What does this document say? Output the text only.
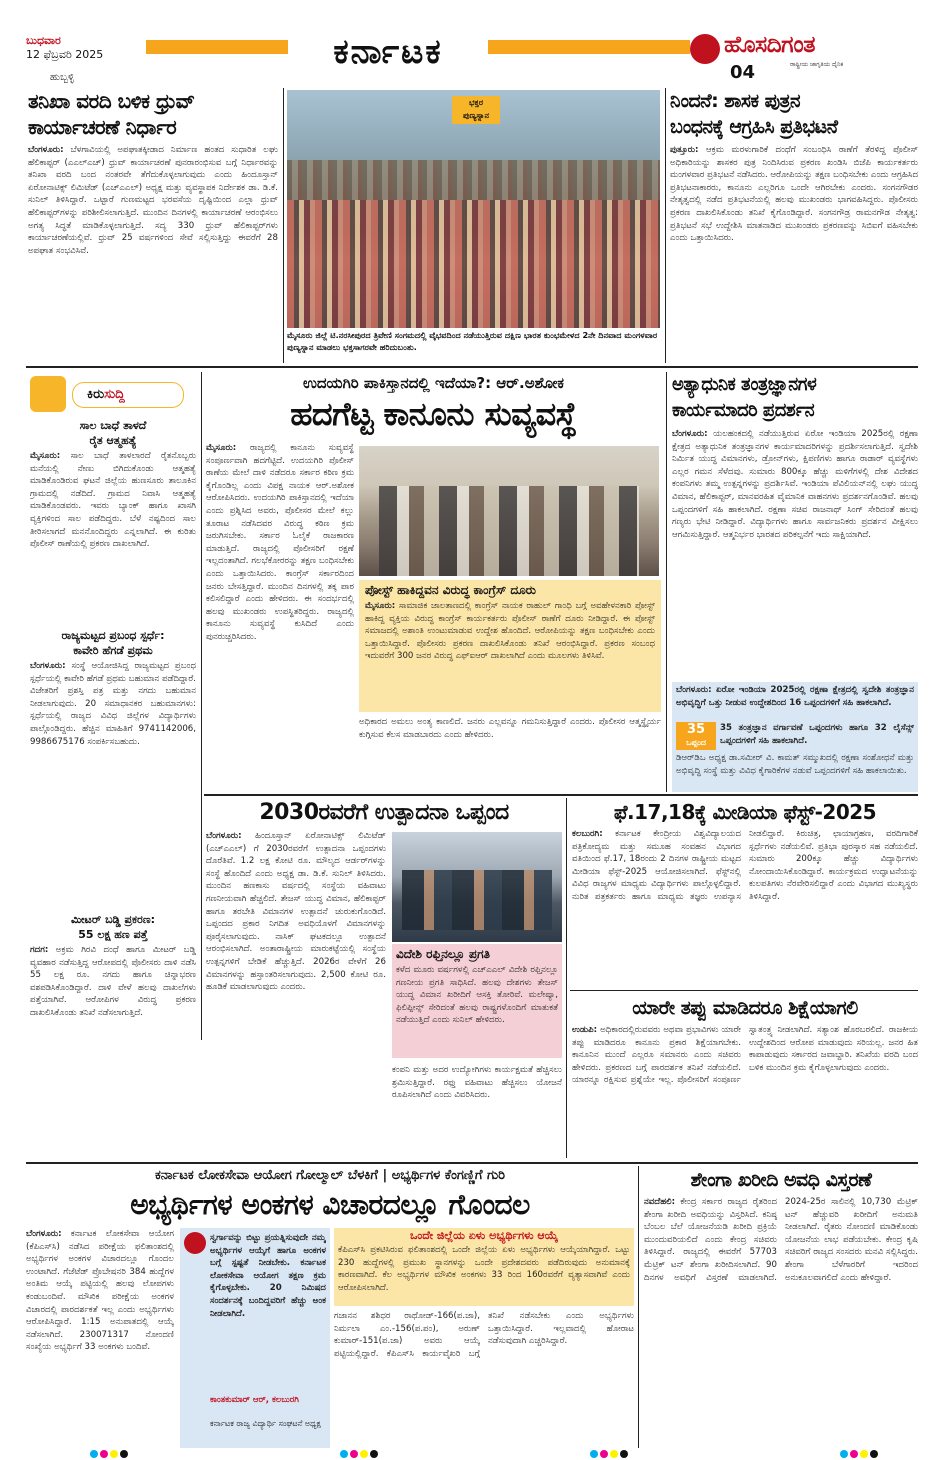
ಬುಧವಾರ
12 ಫೆಬ್ರವರಿ 2025
ಹುಬ್ಬಳ್ಳಿ
ಕರ್ನಾಟಕ	ಹೊಸದಿಗಂತ
ರಾಷ್ಟ್ರೀಯ ಜಾಗೃತಿಯ ದೈನಿಕ
04
ತನಿಖಾ ವರದಿ ಬಳಿಕ ಧ್ರುವ್
ಕಾರ್ಯಾಚರಣೆ ನಿರ್ಧಾರ
ಬೆಂಗಳೂರು: ಬೆಳಗಾವಿಯಲ್ಲಿ ಅಪಘಾತಕ್ಕೀಡಾದ ನಿರ್ಮಾಣ ಹಂತದ ಸುಧಾರಿತ ಲಘು ಹೆಲಿಕಾಪ್ಟರ್ (ಎಎಲ್‌ಎಚ್) ಧ್ರುವ್ ಕಾರ್ಯಾಚರಣೆ ಪುನರಾರಂಭಿಸುವ ಬಗ್ಗೆ ನಿರ್ಧಾರವನ್ನು ತನಿಖಾ ವರದಿ ಬಂದ ನಂತರವೇ ತೆಗೆದುಕೊಳ್ಳಲಾಗುವುದು ಎಂದು ಹಿಂದೂಸ್ತಾನ್ ಏರೋನಾಟಿಕ್ಸ್ ಲಿಮಿಟೆಡ್ (ಎಚ್‌ಎಎಲ್) ಅಧ್ಯಕ್ಷ ಮತ್ತು ವ್ಯವಸ್ಥಾಪಕ ನಿರ್ದೇಶಕ ಡಾ. ಡಿ.ಕೆ. ಸುನಿಲ್ ತಿಳಿಸಿದ್ದಾರೆ. ಒಟ್ಟಾರೆ ಗುಣಮಟ್ಟದ ಭರವಸೆಯ ದೃಷ್ಟಿಯಿಂದ ಎಲ್ಲಾ ಧ್ರುವ್ ಹೆಲಿಕಾಪ್ಟರ್‌ಗಳನ್ನು ಪರಿಶೀಲಿಸಲಾಗುತ್ತಿದೆ. ಮುಂದಿನ ದಿನಗಳಲ್ಲಿ ಕಾರ್ಯಾಚರಣೆ ಆರಂಭಿಸಲು ಅಗತ್ಯ ಸಿದ್ಧತೆ ಮಾಡಿಕೊಳ್ಳಲಾಗುತ್ತಿದೆ. ಸದ್ಯ 330 ಧ್ರುವ್ ಹೆಲಿಕಾಪ್ಟರ್‌ಗಳು ಕಾರ್ಯಾಚರಣೆಯಲ್ಲಿವೆ. ಧ್ರುವ್ 25 ವರ್ಷಗಳಿಂದ ಸೇವೆ ಸಲ್ಲಿಸುತ್ತಿದ್ದು ಈವರೆಗೆ 28 ಅಪಘಾತ ಸಂಭವಿಸಿವೆ.
ಭಕ್ತರ
ಪುಣ್ಯಸ್ನಾನ
ಮೈಸೂರು ಜಿಲ್ಲೆ ಟಿ.ನರಸೀಪುರದ ತ್ರಿವೇಣಿ ಸಂಗಮದಲ್ಲಿ ವೈಭವದಿಂದ ನಡೆಯುತ್ತಿರುವ ದಕ್ಷಿಣ ಭಾರತ ಕುಂಭಮೇಳದ 2ನೇ ದಿನವಾದ ಮಂಗಳವಾರ ಪುಣ್ಯಸ್ನಾನ ಮಾಡಲು ಭಕ್ತಸಾಗರವೇ ಹರಿದುಬಂತು.
ನಿಂದನೆ: ಶಾಸಕ ಪುತ್ರನ
ಬಂಧನಕ್ಕೆ ಆಗ್ರಹಿಸಿ ಪ್ರತಿಭಟನೆ
ಪುತ್ತೂರು: ಆಕ್ರಮ ಮರಳುಗಾರಿಕೆ ದಂಧೆಗೆ ಸಂಬಂಧಿಸಿ ಠಾಣೆಗೆ ತೆರಳಿದ್ದ ಪೊಲೀಸ್ ಅಧಿಕಾರಿಯನ್ನು ಶಾಸಕರ ಪುತ್ರ ನಿಂದಿಸಿರುವ ಪ್ರಕರಣ ಖಂಡಿಸಿ ಬಿಜೆಪಿ ಕಾರ್ಯಕರ್ತರು ಮಂಗಳವಾರ ಪ್ರತಿಭಟನೆ ನಡೆಸಿದರು. ಆರೋಪಿಯನ್ನು ತಕ್ಷಣ ಬಂಧಿಸಬೇಕು ಎಂದು ಆಗ್ರಹಿಸಿದ ಪ್ರತಿಭಟನಾಕಾರರು, ಕಾನೂನು ಎಲ್ಲರಿಗೂ ಒಂದೇ ಆಗಿರಬೇಕು ಎಂದರು. ಸಂಗನಗೌಡರ ನೇತೃತ್ವದಲ್ಲಿ ನಡೆದ ಪ್ರತಿಭಟನೆಯಲ್ಲಿ ಹಲವು ಮುಖಂಡರು ಭಾಗವಹಿಸಿದ್ದರು. ಪೊಲೀಸರು ಪ್ರಕರಣ ದಾಖಲಿಸಿಕೊಂಡು ತನಿಖೆ ಕೈಗೊಂಡಿದ್ದಾರೆ. ಸಂಗನಗೌಡ್ರ ರಾಮನಗೌಡ ನೇತೃತ್ವ: ಪ್ರತಿಭಟನೆ ಸಭೆ ಉದ್ದೇಶಿಸಿ ಮಾತನಾಡಿದ ಮುಖಂಡರು ಪ್ರಕರಣವನ್ನು ಸಿಬಿಐಗೆ ವಹಿಸಬೇಕು ಎಂದು ಒತ್ತಾಯಿಸಿದರು.
ಕಿರುಸುದ್ದಿ
ಸಾಲ ಬಾಧೆ ತಾಳದೆ
ರೈತ ಆತ್ಮಹತ್ಯೆ
ಮೈಸೂರು: ಸಾಲ ಬಾಧೆ ತಾಳಲಾರದೆ ರೈತನೊಬ್ಬರು ಮನೆಯಲ್ಲಿ ನೇಣು ಬಿಗಿದುಕೊಂಡು ಆತ್ಮಹತ್ಯೆ ಮಾಡಿಕೊಂಡಿರುವ ಘಟನೆ ಜಿಲ್ಲೆಯ ಹುಣಸೂರು ತಾಲೂಕಿನ ಗ್ರಾಮದಲ್ಲಿ ನಡೆದಿದೆ. ಗ್ರಾಮದ ನಿವಾಸಿ ಆತ್ಮಹತ್ಯೆ ಮಾಡಿಕೊಂಡವರು. ಇವರು ಬ್ಯಾಂಕ್ ಹಾಗೂ ಖಾಸಗಿ ವ್ಯಕ್ತಿಗಳಿಂದ ಸಾಲ ಪಡೆದಿದ್ದರು. ಬೆಳೆ ನಷ್ಟದಿಂದ ಸಾಲ ತೀರಿಸಲಾಗದೆ ಮನನೊಂದಿದ್ದರು ಎನ್ನಲಾಗಿದೆ. ಈ ಕುರಿತು ಪೊಲೀಸ್ ಠಾಣೆಯಲ್ಲಿ ಪ್ರಕರಣ ದಾಖಲಾಗಿದೆ.
ರಾಜ್ಯಮಟ್ಟದ ಪ್ರಬಂಧ ಸ್ಪರ್ಧೆ:
ಕಾವೇರಿ ಹೆಗಡೆ ಪ್ರಥಮ
ಬೆಂಗಳೂರು: ಸಂಸ್ಥೆ ಆಯೋಜಿಸಿದ್ದ ರಾಜ್ಯಮಟ್ಟದ ಪ್ರಬಂಧ ಸ್ಪರ್ಧೆಯಲ್ಲಿ ಕಾವೇರಿ ಹೆಗಡೆ ಪ್ರಥಮ ಬಹುಮಾನ ಪಡೆದಿದ್ದಾರೆ. ವಿಜೇತರಿಗೆ ಪ್ರಶಸ್ತಿ ಪತ್ರ ಮತ್ತು ನಗದು ಬಹುಮಾನ ನೀಡಲಾಗುವುದು. 20 ಸಮಾಧಾನಕರ ಬಹುಮಾನಗಳು: ಸ್ಪರ್ಧೆಯಲ್ಲಿ ರಾಜ್ಯದ ವಿವಿಧ ಜಿಲ್ಲೆಗಳ ವಿದ್ಯಾರ್ಥಿಗಳು ಪಾಲ್ಗೊಂಡಿದ್ದರು. ಹೆಚ್ಚಿನ ಮಾಹಿತಿಗೆ 9741142006, 9986675176 ಸಂಪರ್ಕಿಸಬಹುದು.
ಮೀಟರ್ ಬಡ್ಡಿ ಪ್ರಕರಣ:
55 ಲಕ್ಷ ಹಣ ಪತ್ತೆ
ಗದಗ: ಅಕ್ರಮ ಗಿರವಿ ದಂಧೆ ಹಾಗೂ ಮೀಟರ್ ಬಡ್ಡಿ ವ್ಯವಹಾರ ನಡೆಸುತ್ತಿದ್ದ ಆರೋಪದಲ್ಲಿ ಪೊಲೀಸರು ದಾಳಿ ನಡೆಸಿ 55 ಲಕ್ಷ ರೂ. ನಗದು ಹಾಗೂ ಚಿನ್ನಾಭರಣ ವಶಪಡಿಸಿಕೊಂಡಿದ್ದಾರೆ. ದಾಳಿ ವೇಳೆ ಹಲವು ದಾಖಲೆಗಳು ಪತ್ತೆಯಾಗಿವೆ. ಆರೋಪಿಗಳ ವಿರುದ್ಧ ಪ್ರಕರಣ ದಾಖಲಿಸಿಕೊಂಡು ತನಿಖೆ ನಡೆಸಲಾಗುತ್ತಿದೆ.
ಉದಯಗಿರಿ ಪಾಕಿಸ್ತಾನದಲ್ಲಿ ಇದೆಯಾ?: ಆರ್.ಅಶೋಕ
ಹದಗೆಟ್ಟ ಕಾನೂನು ಸುವ್ಯವಸ್ಥೆ
ಮೈಸೂರು: ರಾಜ್ಯದಲ್ಲಿ ಕಾನೂನು ಸುವ್ಯವಸ್ಥೆ ಸಂಪೂರ್ಣವಾಗಿ ಹದಗೆಟ್ಟಿದೆ. ಉದಯಗಿರಿ ಪೊಲೀಸ್ ಠಾಣೆಯ ಮೇಲೆ ದಾಳಿ ನಡೆದರೂ ಸರ್ಕಾರ ಕಠಿಣ ಕ್ರಮ ಕೈಗೊಂಡಿಲ್ಲ ಎಂದು ವಿಪಕ್ಷ ನಾಯಕ ಆರ್.ಅಶೋಕ ಆರೋಪಿಸಿದರು. ಉದಯಗಿರಿ ಪಾಕಿಸ್ತಾನದಲ್ಲಿ ಇದೆಯಾ ಎಂದು ಪ್ರಶ್ನಿಸಿದ ಅವರು, ಪೊಲೀಸರ ಮೇಲೆ ಕಲ್ಲು ತೂರಾಟ ನಡೆಸಿದವರ ವಿರುದ್ಧ ಕಠಿಣ ಕ್ರಮ ಜರುಗಿಸಬೇಕು. ಸರ್ಕಾರ ಓಲೈಕೆ ರಾಜಕಾರಣ ಮಾಡುತ್ತಿದೆ. ರಾಜ್ಯದಲ್ಲಿ ಪೊಲೀಸರಿಗೆ ರಕ್ಷಣೆ ಇಲ್ಲದಂತಾಗಿದೆ. ಗಲಭೆಕೋರರನ್ನು ತಕ್ಷಣ ಬಂಧಿಸಬೇಕು ಎಂದು ಒತ್ತಾಯಿಸಿದರು. ಕಾಂಗ್ರೆಸ್ ಸರ್ಕಾರದಿಂದ ಜನರು ಬೇಸತ್ತಿದ್ದಾರೆ. ಮುಂದಿನ ದಿನಗಳಲ್ಲಿ ತಕ್ಕ ಪಾಠ ಕಲಿಸಲಿದ್ದಾರೆ ಎಂದು ಹೇಳಿದರು. ಈ ಸಂದರ್ಭದಲ್ಲಿ ಹಲವು ಮುಖಂಡರು ಉಪಸ್ಥಿತರಿದ್ದರು. ರಾಜ್ಯದಲ್ಲಿ ಕಾನೂನು ಸುವ್ಯವಸ್ಥೆ ಕುಸಿದಿದೆ ಎಂದು ಪುನರುಚ್ಚರಿಸಿದರು.
ಪೋಸ್ಟ್ ಹಾಕಿದ್ದವನ ವಿರುದ್ಧ ಕಾಂಗ್ರೆಸ್ ದೂರು
ಮೈಸೂರು: ಸಾಮಾಜಿಕ ಜಾಲತಾಣದಲ್ಲಿ ಕಾಂಗ್ರೆಸ್ ನಾಯಕ ರಾಹುಲ್ ಗಾಂಧಿ ಬಗ್ಗೆ ಅವಹೇಳನಕಾರಿ ಪೋಸ್ಟ್ ಹಾಕಿದ್ದ ವ್ಯಕ್ತಿಯ ವಿರುದ್ಧ ಕಾಂಗ್ರೆಸ್ ಕಾರ್ಯಕರ್ತರು ಪೊಲೀಸ್ ಠಾಣೆಗೆ ದೂರು ನೀಡಿದ್ದಾರೆ. ಈ ಪೋಸ್ಟ್ ಸಮಾಜದಲ್ಲಿ ಅಶಾಂತಿ ಉಂಟುಮಾಡುವ ಉದ್ದೇಶ ಹೊಂದಿದೆ. ಆರೋಪಿಯನ್ನು ತಕ್ಷಣ ಬಂಧಿಸಬೇಕು ಎಂದು ಒತ್ತಾಯಿಸಿದ್ದಾರೆ. ಪೊಲೀಸರು ಪ್ರಕರಣ ದಾಖಲಿಸಿಕೊಂಡು ತನಿಖೆ ಆರಂಭಿಸಿದ್ದಾರೆ. ಪ್ರಕರಣ ಸಂಬಂಧ ಇದುವರೆಗೆ 300 ಜನರ ವಿರುದ್ಧ ಎಫ್‌ಐಆರ್ ದಾಖಲಾಗಿದೆ ಎಂದು ಮೂಲಗಳು ತಿಳಿಸಿವೆ.
ಅಧಿಕಾರದ ಅಮಲು ಅಂತ್ಯ ಕಾಣಲಿದೆ. ಜನರು ಎಲ್ಲವನ್ನೂ ಗಮನಿಸುತ್ತಿದ್ದಾರೆ ಎಂದರು. ಪೊಲೀಸರ ಆತ್ಮಸ್ಥೈರ್ಯ ಕುಗ್ಗಿಸುವ ಕೆಲಸ ಮಾಡಬಾರದು ಎಂದು ಹೇಳಿದರು.
ಅತ್ಯಾಧುನಿಕ ತಂತ್ರಜ್ಞಾನಗಳ
ಕಾರ್ಯಮಾದರಿ ಪ್ರದರ್ಶನ
ಬೆಂಗಳೂರು: ಯಲಹಂಕದಲ್ಲಿ ನಡೆಯುತ್ತಿರುವ ಏರೋ ಇಂಡಿಯಾ 2025ರಲ್ಲಿ ರಕ್ಷಣಾ ಕ್ಷೇತ್ರದ ಅತ್ಯಾಧುನಿಕ ತಂತ್ರಜ್ಞಾನಗಳ ಕಾರ್ಯಮಾದರಿಗಳನ್ನು ಪ್ರದರ್ಶಿಸಲಾಗುತ್ತಿದೆ. ಸ್ವದೇಶಿ ನಿರ್ಮಿತ ಯುದ್ಧ ವಿಮಾನಗಳು, ಡ್ರೋನ್‌ಗಳು, ಕ್ಷಿಪಣಿಗಳು ಹಾಗೂ ರಾಡಾರ್ ವ್ಯವಸ್ಥೆಗಳು ಎಲ್ಲರ ಗಮನ ಸೆಳೆದವು. ಸುಮಾರು 800ಕ್ಕೂ ಹೆಚ್ಚು ಮಳಿಗೆಗಳಲ್ಲಿ ದೇಶ ವಿದೇಶದ ಕಂಪನಿಗಳು ತಮ್ಮ ಉತ್ಪನ್ನಗಳನ್ನು ಪ್ರದರ್ಶಿಸಿವೆ. ಇಂಡಿಯಾ ಪೆವಿಲಿಯನ್‌ನಲ್ಲಿ ಲಘು ಯುದ್ಧ ವಿಮಾನ, ಹೆಲಿಕಾಪ್ಟರ್, ಮಾನವರಹಿತ ವೈಮಾನಿಕ ವಾಹನಗಳು ಪ್ರದರ್ಶನಗೊಂಡಿವೆ. ಹಲವು ಒಪ್ಪಂದಗಳಿಗೆ ಸಹಿ ಹಾಕಲಾಗಿದೆ. ರಕ್ಷಣಾ ಸಚಿವ ರಾಜನಾಥ್ ಸಿಂಗ್ ಸೇರಿದಂತೆ ಹಲವು ಗಣ್ಯರು ಭೇಟಿ ನೀಡಿದ್ದಾರೆ. ವಿದ್ಯಾರ್ಥಿಗಳು ಹಾಗೂ ಸಾರ್ವಜನಿಕರು ಪ್ರದರ್ಶನ ವೀಕ್ಷಿಸಲು ಆಗಮಿಸುತ್ತಿದ್ದಾರೆ. ಆತ್ಮನಿರ್ಭರ ಭಾರತದ ಪರಿಕಲ್ಪನೆಗೆ ಇದು ಸಾಕ್ಷಿಯಾಗಿದೆ.
ಬೆಂಗಳೂರು: ಏರೋ ಇಂಡಿಯಾ 2025ರಲ್ಲಿ ರಕ್ಷಣಾ ಕ್ಷೇತ್ರದಲ್ಲಿ ಸ್ವದೇಶಿ ತಂತ್ರಜ್ಞಾನ ಅಭಿವೃದ್ಧಿಗೆ ಒತ್ತು ನೀಡುವ ಉದ್ದೇಶದಿಂದ 16 ಒಪ್ಪಂದಗಳಿಗೆ ಸಹಿ ಹಾಕಲಾಗಿದೆ.
35
ಒಪ್ಪಂದ
35 ತಂತ್ರಜ್ಞಾನ ವರ್ಗಾವಣೆ ಒಪ್ಪಂದಗಳು ಹಾಗೂ 32 ಲೈಸೆನ್ಸ್ ಒಪ್ಪಂದಗಳಿಗೆ ಸಹಿ ಹಾಕಲಾಗಿದೆ.
ಡಿಆರ್‌ಡಿಒ ಅಧ್ಯಕ್ಷ ಡಾ.ಸಮೀರ್ ವಿ. ಕಾಮತ್ ಸಮ್ಮುಖದಲ್ಲಿ ರಕ್ಷಣಾ ಸಂಶೋಧನೆ ಮತ್ತು ಅಭಿವೃದ್ಧಿ ಸಂಸ್ಥೆ ಮತ್ತು ವಿವಿಧ ಕೈಗಾರಿಕೆಗಳ ನಡುವೆ ಒಪ್ಪಂದಗಳಿಗೆ ಸಹಿ ಹಾಕಲಾಯಿತು.
2030ರವರೆಗೆ ಉತ್ಪಾದನಾ ಒಪ್ಪಂದ
ಬೆಂಗಳೂರು: ಹಿಂದೂಸ್ತಾನ್ ಏರೋನಾಟಿಕ್ಸ್ ಲಿಮಿಟೆಡ್ (ಎಚ್‌ಎಎಲ್) ಗೆ 2030ರವರೆಗೆ ಉತ್ಪಾದನಾ ಒಪ್ಪಂದಗಳು ದೊರೆತಿವೆ. 1.2 ಲಕ್ಷ ಕೋಟಿ ರೂ. ಮೌಲ್ಯದ ಆರ್ಡರ್‌ಗಳನ್ನು ಸಂಸ್ಥೆ ಹೊಂದಿದೆ ಎಂದು ಅಧ್ಯಕ್ಷ ಡಾ. ಡಿ.ಕೆ. ಸುನಿಲ್ ತಿಳಿಸಿದರು. ಮುಂದಿನ ಹಣಕಾಸು ವರ್ಷದಲ್ಲಿ ಸಂಸ್ಥೆಯ ವಹಿವಾಟು ಗಣನೀಯವಾಗಿ ಹೆಚ್ಚಲಿದೆ. ತೇಜಸ್ ಯುದ್ಧ ವಿಮಾನ, ಹೆಲಿಕಾಪ್ಟರ್ ಹಾಗೂ ತರಬೇತಿ ವಿಮಾನಗಳ ಉತ್ಪಾದನೆ ಚುರುಕುಗೊಂಡಿದೆ. ಒಪ್ಪಂದದ ಪ್ರಕಾರ ನಿಗದಿತ ಅವಧಿಯೊಳಗೆ ವಿಮಾನಗಳನ್ನು ಪೂರೈಸಲಾಗುವುದು. ನಾಸಿಕ್ ಘಟಕದಲ್ಲೂ ಉತ್ಪಾದನೆ ಆರಂಭಿಸಲಾಗಿದೆ. ಅಂತಾರಾಷ್ಟ್ರೀಯ ಮಾರುಕಟ್ಟೆಯಲ್ಲಿ ಸಂಸ್ಥೆಯ ಉತ್ಪನ್ನಗಳಿಗೆ ಬೇಡಿಕೆ ಹೆಚ್ಚುತ್ತಿದೆ. 2026ರ ವೇಳೆಗೆ 26 ವಿಮಾನಗಳನ್ನು ಹಸ್ತಾಂತರಿಸಲಾಗುವುದು. 2,500 ಕೋಟಿ ರೂ. ಹೂಡಿಕೆ ಮಾಡಲಾಗುವುದು ಎಂದರು.
ವಿದೇಶಿ ರಫ್ತಿನಲ್ಲೂ ಪ್ರಗತಿ
ಕಳೆದ ಮೂರು ವರ್ಷಗಳಲ್ಲಿ ಎಚ್‌ಎಎಲ್ ವಿದೇಶಿ ರಫ್ತಿನಲ್ಲೂ ಗಣನೀಯ ಪ್ರಗತಿ ಸಾಧಿಸಿದೆ. ಹಲವು ದೇಶಗಳು ತೇಜಸ್ ಯುದ್ಧ ವಿಮಾನ ಖರೀದಿಗೆ ಆಸಕ್ತಿ ತೋರಿವೆ. ಮಲೇಷ್ಯಾ, ಫಿಲಿಪ್ಪೀನ್ಸ್ ಸೇರಿದಂತೆ ಹಲವು ರಾಷ್ಟ್ರಗಳೊಂದಿಗೆ ಮಾತುಕತೆ ನಡೆಯುತ್ತಿದೆ ಎಂದು ಸುನಿಲ್ ಹೇಳಿದರು.
ಕಂಪನಿ ಮತ್ತು ಅದರ ಉದ್ಯೋಗಿಗಳು ಕಾರ್ಯಕ್ಷಮತೆ ಹೆಚ್ಚಿಸಲು ಶ್ರಮಿಸುತ್ತಿದ್ದಾರೆ. ರಫ್ತು ವಹಿವಾಟು ಹೆಚ್ಚಿಸಲು ಯೋಜನೆ ರೂಪಿಸಲಾಗಿದೆ ಎಂದು ವಿವರಿಸಿದರು.
ಫೆ.17,18ಕ್ಕೆ ಮೀಡಿಯಾ ಫೆಸ್ಟ್-2025
ಕಲಬುರಗಿ: ಕರ್ನಾಟಕ ಕೇಂದ್ರೀಯ ವಿಶ್ವವಿದ್ಯಾಲಯದ ಪತ್ರಿಕೋದ್ಯಮ ಮತ್ತು ಸಮೂಹ ಸಂವಹನ ವಿಭಾಗದ ವತಿಯಿಂದ ಫೆ.17, 18ರಂದು 2 ದಿನಗಳ ರಾಷ್ಟ್ರೀಯ ಮಟ್ಟದ ಮೀಡಿಯಾ ಫೆಸ್ಟ್-2025 ಆಯೋಜಿಸಲಾಗಿದೆ. ಫೆಸ್ಟ್‌ನಲ್ಲಿ ವಿವಿಧ ರಾಜ್ಯಗಳ ಮಾಧ್ಯಮ ವಿದ್ಯಾರ್ಥಿಗಳು ಪಾಲ್ಗೊಳ್ಳಲಿದ್ದಾರೆ. ನುರಿತ ಪತ್ರಕರ್ತರು ಹಾಗೂ ಮಾಧ್ಯಮ ತಜ್ಞರು ಉಪನ್ಯಾಸ ನೀಡಲಿದ್ದಾರೆ. ಕಿರುಚಿತ್ರ, ಛಾಯಾಗ್ರಹಣ, ವರದಿಗಾರಿಕೆ ಸ್ಪರ್ಧೆಗಳು ನಡೆಯಲಿವೆ. ಪ್ರತಿಭಾ ಪುರಸ್ಕಾರ ಸಹ ನಡೆಯಲಿದೆ. ಸುಮಾರು 200ಕ್ಕೂ ಹೆಚ್ಚು ವಿದ್ಯಾರ್ಥಿಗಳು ನೋಂದಾಯಿಸಿಕೊಂಡಿದ್ದಾರೆ. ಕಾರ್ಯಕ್ರಮದ ಉದ್ಘಾಟನೆಯನ್ನು ಕುಲಪತಿಗಳು ನೆರವೇರಿಸಲಿದ್ದಾರೆ ಎಂದು ವಿಭಾಗದ ಮುಖ್ಯಸ್ಥರು ತಿಳಿಸಿದ್ದಾರೆ.
ಯಾರೇ ತಪ್ಪು ಮಾಡಿದರೂ ಶಿಕ್ಷೆಯಾಗಲಿ
ಉಡುಪಿ: ಅಧಿಕಾರದಲ್ಲಿರುವವರು ಅಥವಾ ಪ್ರಭಾವಿಗಳು ಯಾರೇ ತಪ್ಪು ಮಾಡಿದರೂ ಕಾನೂನು ಪ್ರಕಾರ ಶಿಕ್ಷೆಯಾಗಬೇಕು. ಕಾನೂನಿನ ಮುಂದೆ ಎಲ್ಲರೂ ಸಮಾನರು ಎಂದು ಸಚಿವರು ಹೇಳಿದರು. ಪ್ರಕರಣದ ಬಗ್ಗೆ ಪಾರದರ್ಶಕ ತನಿಖೆ ನಡೆಯಲಿದೆ. ಯಾರನ್ನೂ ರಕ್ಷಿಸುವ ಪ್ರಶ್ನೆಯೇ ಇಲ್ಲ. ಪೊಲೀಸರಿಗೆ ಸಂಪೂರ್ಣ ಸ್ವಾತಂತ್ರ್ಯ ನೀಡಲಾಗಿದೆ. ಸತ್ಯಾಂಶ ಹೊರಬರಲಿದೆ. ರಾಜಕೀಯ ಉದ್ದೇಶದಿಂದ ಆರೋಪ ಮಾಡುವುದು ಸರಿಯಲ್ಲ. ಜನರ ಹಿತ ಕಾಪಾಡುವುದು ಸರ್ಕಾರದ ಜವಾಬ್ದಾರಿ. ತನಿಖೆಯ ವರದಿ ಬಂದ ಬಳಿಕ ಮುಂದಿನ ಕ್ರಮ ಕೈಗೊಳ್ಳಲಾಗುವುದು ಎಂದರು.
ಕರ್ನಾಟಕ ಲೋಕಸೇವಾ ಆಯೋಗ ಗೋಲ್ಮಾಲ್ ಬೆಳಕಿಗೆ | ಅಭ್ಯರ್ಥಿಗಳ ಕೆಂಗಣ್ಣಿಗೆ ಗುರಿ
ಅಭ್ಯರ್ಥಿಗಳ ಅಂಕಗಳ ವಿಚಾರದಲ್ಲೂ ಗೊಂದಲ
ಬೆಂಗಳೂರು: ಕರ್ನಾಟಕ ಲೋಕಸೇವಾ ಆಯೋಗ (ಕೆಪಿಎಸ್‌ಸಿ) ನಡೆಸಿದ ಪರೀಕ್ಷೆಯ ಫಲಿತಾಂಶದಲ್ಲಿ ಅಭ್ಯರ್ಥಿಗಳ ಅಂಕಗಳ ವಿಚಾರದಲ್ಲೂ ಗೊಂದಲ ಉಂಟಾಗಿದೆ. ಗೆಜೆಟೆಡ್ ಪ್ರೊಬೇಷನರಿ 384 ಹುದ್ದೆಗಳ ಅಂತಿಮ ಆಯ್ಕೆ ಪಟ್ಟಿಯಲ್ಲಿ ಹಲವು ಲೋಪಗಳು ಕಂಡುಬಂದಿವೆ. ಮೌಖಿಕ ಪರೀಕ್ಷೆಯ ಅಂಕಗಳ ವಿಚಾರದಲ್ಲಿ ಪಾರದರ್ಶಕತೆ ಇಲ್ಲ ಎಂದು ಅಭ್ಯರ್ಥಿಗಳು ಆರೋಪಿಸಿದ್ದಾರೆ. 1:15 ಅನುಪಾತದಲ್ಲಿ ಆಯ್ಕೆ ನಡೆಸಲಾಗಿದೆ. 230071317 ನೋಂದಣಿ ಸಂಖ್ಯೆಯ ಅಭ್ಯರ್ಥಿಗೆ 33 ಅಂಕಗಳು ಬಂದಿವೆ.
ಸ್ವರ್ಗಾವನ್ನು ಬಿಟ್ಟು ಪ್ರಯತ್ನಿಸುವುದೇ ನಮ್ಮ ಅಭ್ಯರ್ಥಿಗಳ ಆಯ್ಕೆಗೆ ಹಾಗೂ ಅಂಕಗಳ ಬಗ್ಗೆ ಸ್ಪಷ್ಟತೆ ನೀಡಬೇಕು. ಕರ್ನಾಟಕ ಲೋಕಸೇವಾ ಆಯೋಗ ತಕ್ಷಣ ಕ್ರಮ ಕೈಗೊಳ್ಳಬೇಕು. 20 ನಿಮಿಷದ ಸಂದರ್ಶನಕ್ಕೆ ಬಂದಿದ್ದವರಿಗೆ ಹೆಚ್ಚು ಅಂಕ ನೀಡಲಾಗಿದೆ.
ಕಾಂತಕುಮಾರ್ ಆರ್, ಕಲಬುರಗಿ
ಕರ್ನಾಟಕ ರಾಜ್ಯ ವಿದ್ಯಾರ್ಥಿ ಸಂಘಟನೆ ಅಧ್ಯಕ್ಷ
ಒಂದೇ ಜಿಲ್ಲೆಯ ಏಳು ಅಭ್ಯರ್ಥಿಗಳು ಆಯ್ಕೆ
ಕೆಪಿಎಸ್‌ಸಿ ಪ್ರಕಟಿಸಿರುವ ಫಲಿತಾಂಶದಲ್ಲಿ ಒಂದೇ ಜಿಲ್ಲೆಯ ಏಳು ಅಭ್ಯರ್ಥಿಗಳು ಆಯ್ಕೆಯಾಗಿದ್ದಾರೆ. ಒಟ್ಟು 230 ಹುದ್ದೆಗಳಲ್ಲಿ ಪ್ರಮುಖ ಸ್ಥಾನಗಳನ್ನು ಒಂದೇ ಪ್ರದೇಶದವರು ಪಡೆದಿರುವುದು ಅನುಮಾನಕ್ಕೆ ಕಾರಣವಾಗಿದೆ. ಕೆಲ ಅಭ್ಯರ್ಥಿಗಳ ಮೌಖಿಕ ಅಂಕಗಳು 33 ರಿಂದ 160ರವರೆಗೆ ವ್ಯತ್ಯಾಸವಾಗಿವೆ ಎಂದು ಆರೋಪಿಸಲಾಗಿದೆ.
ಗಜಾನನ ಶಶಿಧರ ರಾಥೋಡ್-166(ಪ.ಜಾ), ನಿರ್ಮಲಾ ಎಂ.-156(ಪ.ಪಂ), ಅರುಣ್ ಕುಮಾರ್-151(ಪ.ಜಾ) ಅವರು ಆಯ್ಕೆ ಪಟ್ಟಿಯಲ್ಲಿದ್ದಾರೆ. ಕೆಪಿಎಸ್‌ಸಿ ಕಾರ್ಯವೈಖರಿ ಬಗ್ಗೆ ತನಿಖೆ ನಡೆಸಬೇಕು ಎಂದು ಅಭ್ಯರ್ಥಿಗಳು ಒತ್ತಾಯಿಸಿದ್ದಾರೆ. ಇಲ್ಲವಾದಲ್ಲಿ ಹೋರಾಟ ನಡೆಸುವುದಾಗಿ ಎಚ್ಚರಿಸಿದ್ದಾರೆ.
ಶೇಂಗಾ ಖರೀದಿ ಅವಧಿ ವಿಸ್ತರಣೆ
ನವದೆಹಲಿ: ಕೇಂದ್ರ ಸರ್ಕಾರ ರಾಜ್ಯದ ರೈತರಿಂದ ಶೇಂಗಾ ಖರೀದಿ ಅವಧಿಯನ್ನು ವಿಸ್ತರಿಸಿದೆ. ಕನಿಷ್ಠ ಬೆಂಬಲ ಬೆಲೆ ಯೋಜನೆಯಡಿ ಖರೀದಿ ಪ್ರಕ್ರಿಯೆ ಮುಂದುವರಿಯಲಿದೆ ಎಂದು ಕೇಂದ್ರ ಸಚಿವರು ತಿಳಿಸಿದ್ದಾರೆ. ರಾಜ್ಯದಲ್ಲಿ ಈವರೆಗೆ 57703 ಮೆಟ್ರಿಕ್ ಟನ್ ಶೇಂಗಾ ಖರೀದಿಸಲಾಗಿದೆ. 90 ದಿನಗಳ ಅವಧಿಗೆ ವಿಸ್ತರಣೆ ಮಾಡಲಾಗಿದೆ. 2024-25ರ ಸಾಲಿನಲ್ಲಿ 10,730 ಮೆಟ್ರಿಕ್ ಟನ್ ಹೆಚ್ಚುವರಿ ಖರೀದಿಗೆ ಅನುಮತಿ ನೀಡಲಾಗಿದೆ. ರೈತರು ನೋಂದಣಿ ಮಾಡಿಕೊಂಡು ಯೋಜನೆಯ ಲಾಭ ಪಡೆಯಬೇಕು. ಕೇಂದ್ರ ಕೃಷಿ ಸಚಿವರಿಗೆ ರಾಜ್ಯದ ಸಂಸದರು ಮನವಿ ಸಲ್ಲಿಸಿದ್ದರು. ಶೇಂಗಾ ಬೆಳೆಗಾರರಿಗೆ ಇದರಿಂದ ಅನುಕೂಲವಾಗಲಿದೆ ಎಂದು ಹೇಳಿದ್ದಾರೆ.
